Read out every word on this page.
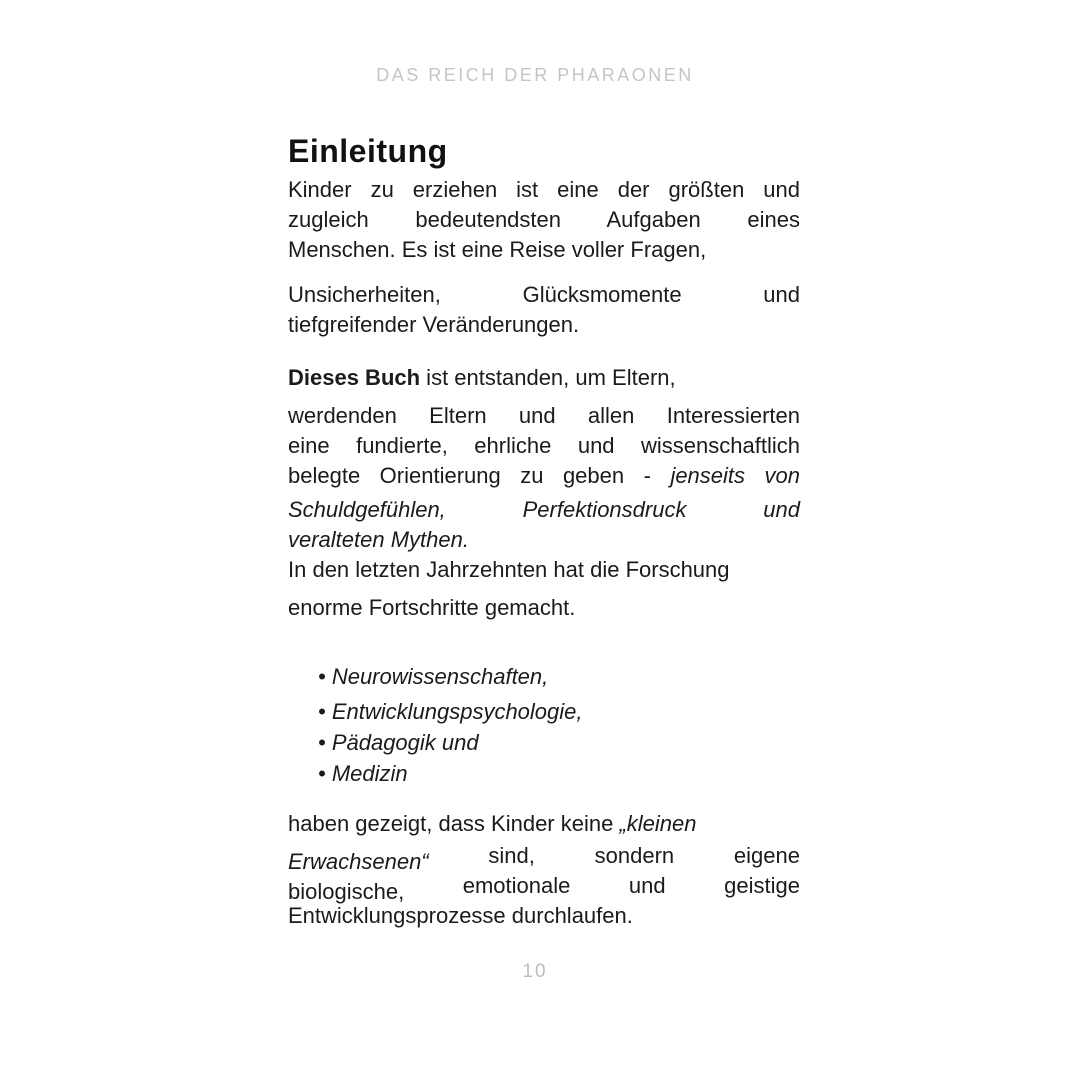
DAS REICH DER PHARAONEN
Einleitung
Kinder zu erziehen ist eine der größten und
zugleich bedeutendsten Aufgaben eines
Menschen. Es ist eine Reise voller Fragen,
Unsicherheiten, Glücksmomente und
tiefgreifender Veränderungen.
Dieses Buch ist entstanden, um Eltern,
werdenden Eltern und allen Interessierten
eine fundierte, ehrliche und wissenschaftlich
belegte Orientierung zu geben - jenseits von
Schuldgefühlen, Perfektionsdruck und
veralteten Mythen.
In den letzten Jahrzehnten hat die Forschung
enorme Fortschritte gemacht.
• Neurowissenschaften,
• Entwicklungspsychologie,
• Pädagogik und
• Medizin
haben gezeigt, dass Kinder keine „kleinen
Erwachsenen“ sind, sondern eigene
biologische, emotionale und geistige
Entwicklungsprozesse durchlaufen.
10
